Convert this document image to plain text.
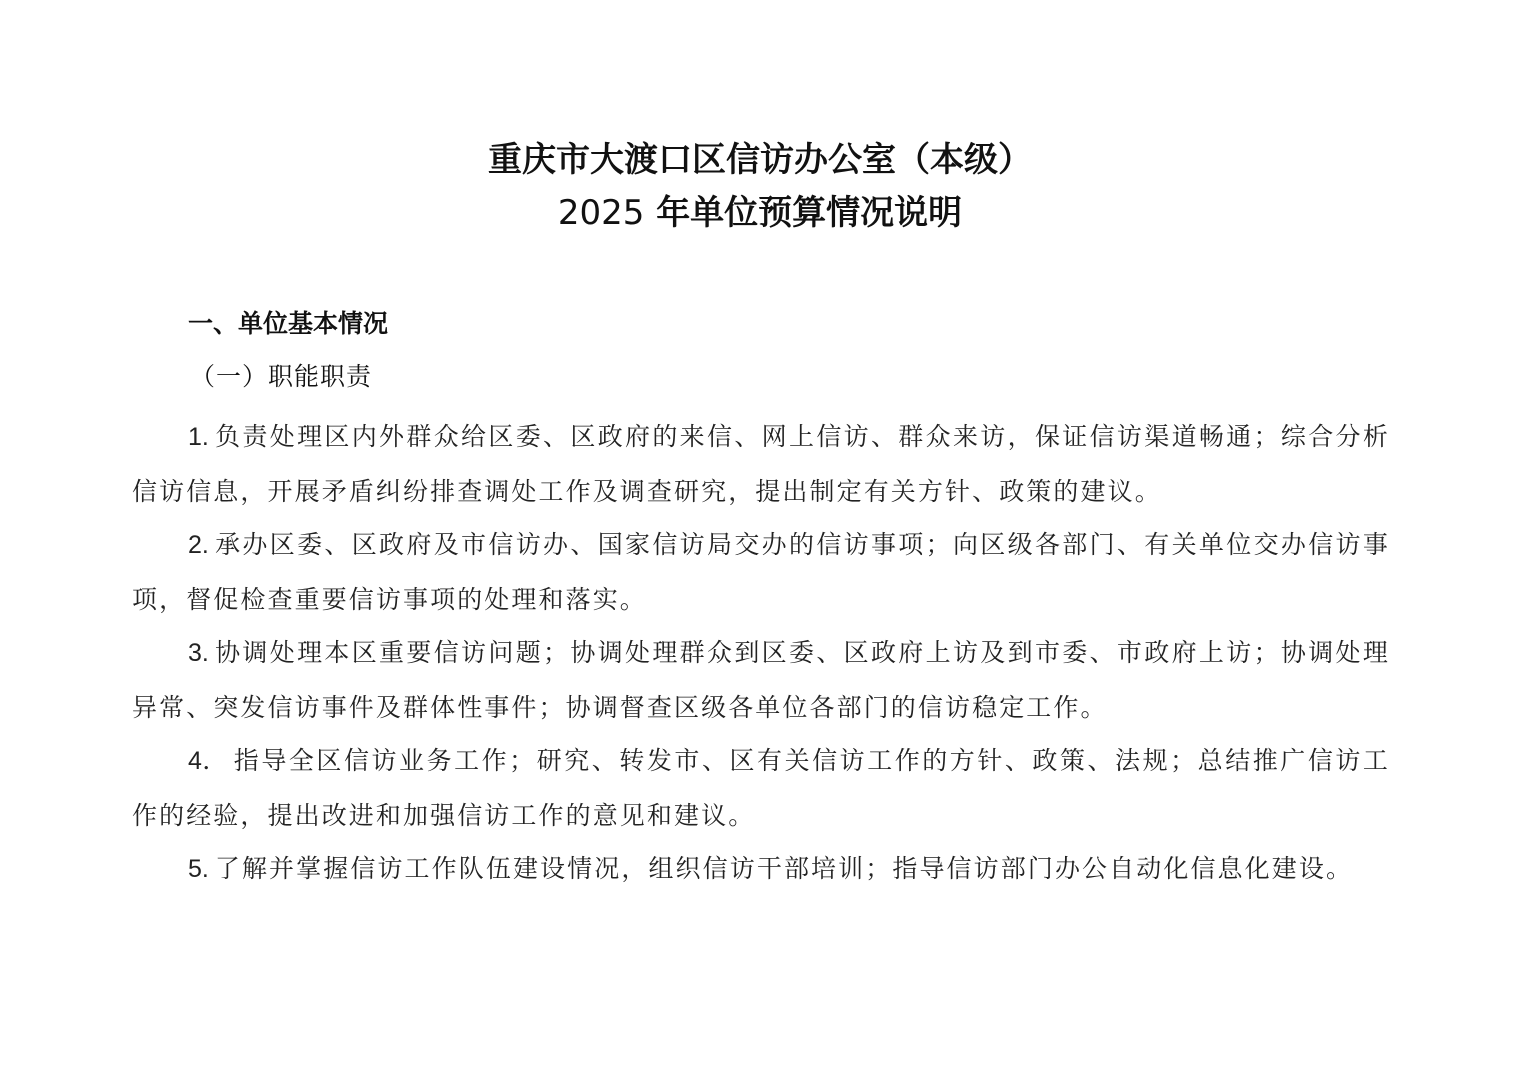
重庆市大渡口区信访办公室（本级）
2025 年单位预算情况说明
一、单位基本情况
（一）职能职责

1. 负责处理区内外群众给区委、区政府的来信、网上信访、群众来访，保证信访渠道畅通；综合分析信访信息，开展矛盾纠纷排查调处工作及调查研究，提出制定有关方针、政策的建议。

2. 承办区委、区政府及市信访办、国家信访局交办的信访事项；向区级各部门、有关单位交办信访事项，督促检查重要信访事项的处理和落实。

3. 协调处理本区重要信访问题；协调处理群众到区委、区政府上访及到市委、市政府上访；协调处理异常、突发信访事件及群体性事件；协调督查区级各单位各部门的信访稳定工作。

4． 指导全区信访业务工作；研究、转发市、区有关信访工作的方针、政策、法规；总结推广信访工作的经验，提出改进和加强信访工作的意见和建议。

5. 了解并掌握信访工作队伍建设情况，组织信访干部培训；指导信访部门办公自动化信息化建设。
